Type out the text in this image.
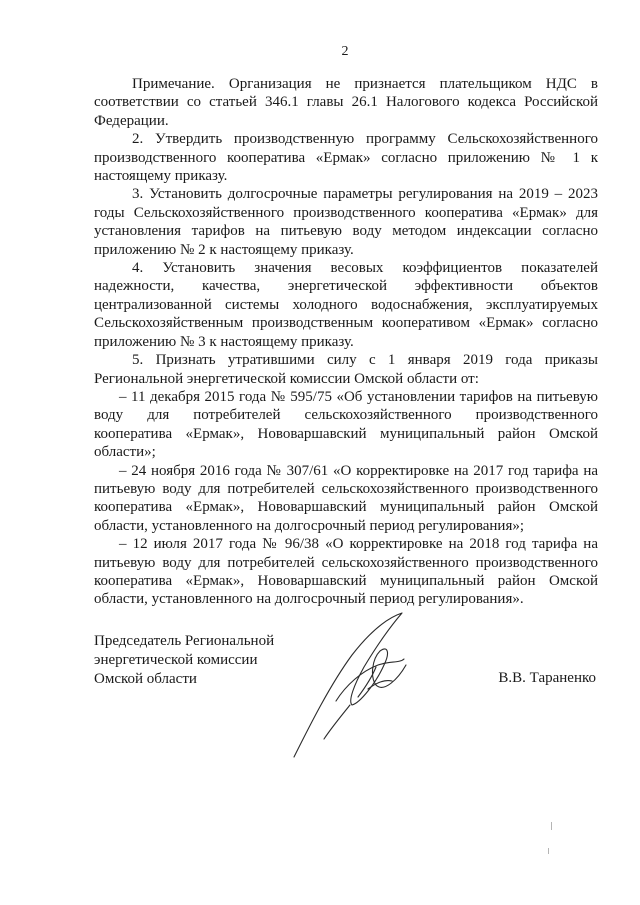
2

Примечание. Организация не признается плательщиком НДС в соответствии со статьей 346.1 главы 26.1 Налогового кодекса Российской Федерации.

2. Утвердить производственную программу Сельскохозяйственного производственного кооператива «Ермак» согласно приложению № 1 к настоящему приказу.

3. Установить долгосрочные параметры регулирования на 2019 – 2023 годы Сельскохозяйственного производственного кооператива «Ермак» для установления тарифов на питьевую воду методом индексации согласно приложению № 2 к настоящему приказу.

4. Установить значения весовых коэффициентов показателей надежности, качества, энергетической эффективности объектов централизованной системы холодного водоснабжения, эксплуатируемых Сельскохозяйственным производственным кооперативом «Ермак» согласно приложению № 3 к настоящему приказу.

5. Признать утратившими силу с 1 января 2019 года приказы Региональной энергетической комиссии Омской области от:

– 11 декабря 2015 года № 595/75 «Об установлении тарифов на питьевую воду для потребителей сельскохозяйственного производственного кооператива «Ермак», Нововаршавский муниципальный район Омской области»;

– 24 ноября 2016 года № 307/61 «О корректировке на 2017 год тарифа на питьевую воду для потребителей сельскохозяйственного производственного кооператива «Ермак», Нововаршавский муниципальный район Омской области, установленного на долгосрочный период регулирования»;

– 12 июля 2017 года № 96/38 «О корректировке на 2018 год тарифа на питьевую воду для потребителей сельскохозяйственного производственного кооператива «Ермак», Нововаршавский муниципальный район Омской области, установленного на долгосрочный период регулирования».

Председатель Региональной
энергетической комиссии
Омской области	В.В. Тараненко
